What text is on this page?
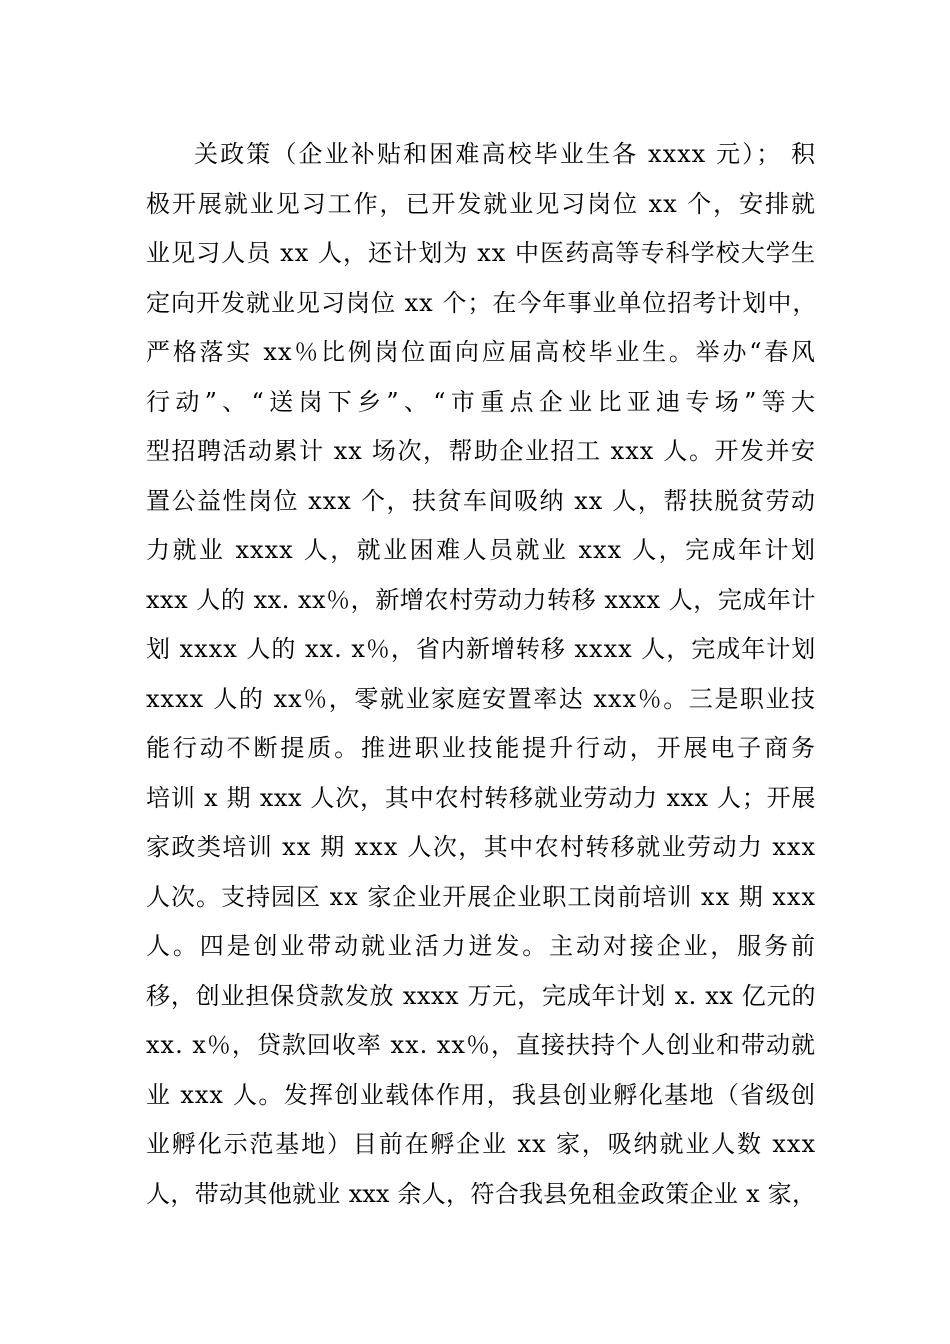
关政策（企业补贴和困难高校毕业生各 xxxx 元）； 积
极开展就业见习工作，已开发就业见习岗位 xx 个，安排就
业见习人员 xx 人，还计划为 xx 中医药高等专科学校大学生
定向开发就业见习岗位 xx 个；在今年事业单位招考计划中，
严格落实 xx％比例岗位面向应届高校毕业生。举办“春风
行动”、“送岗下乡”、“市重点企业比亚迪专场”等大
型招聘活动累计 xx 场次，帮助企业招工 xxx 人。开发并安
置公益性岗位 xxx 个，扶贫车间吸纳 xx 人，帮扶脱贫劳动
力就业 xxxx 人，就业困难人员就业 xxx 人，完成年计划
xxx 人的 xx. xx％，新增农村劳动力转移 xxxx 人，完成年计
划 xxxx 人的 xx. x％，省内新增转移 xxxx 人，完成年计划
xxxx 人的 xx％，零就业家庭安置率达 xxx％。三是职业技
能行动不断提质。推进职业技能提升行动，开展电子商务
培训 x 期 xxx 人次，其中农村转移就业劳动力 xxx 人；开展
家政类培训 xx 期 xxx 人次，其中农村转移就业劳动力 xxx
人次。支持园区 xx 家企业开展企业职工岗前培训 xx 期 xxx
人。四是创业带动就业活力迸发。主动对接企业，服务前
移，创业担保贷款发放 xxxx 万元，完成年计划 x. xx 亿元的
xx. x％，贷款回收率 xx. xx％，直接扶持个人创业和带动就
业 xxx 人。发挥创业载体作用，我县创业孵化基地（省级创
业孵化示范基地）目前在孵企业 xx 家，吸纳就业人数 xxx
人，带动其他就业 xxx 余人，符合我县免租金政策企业 x 家，
